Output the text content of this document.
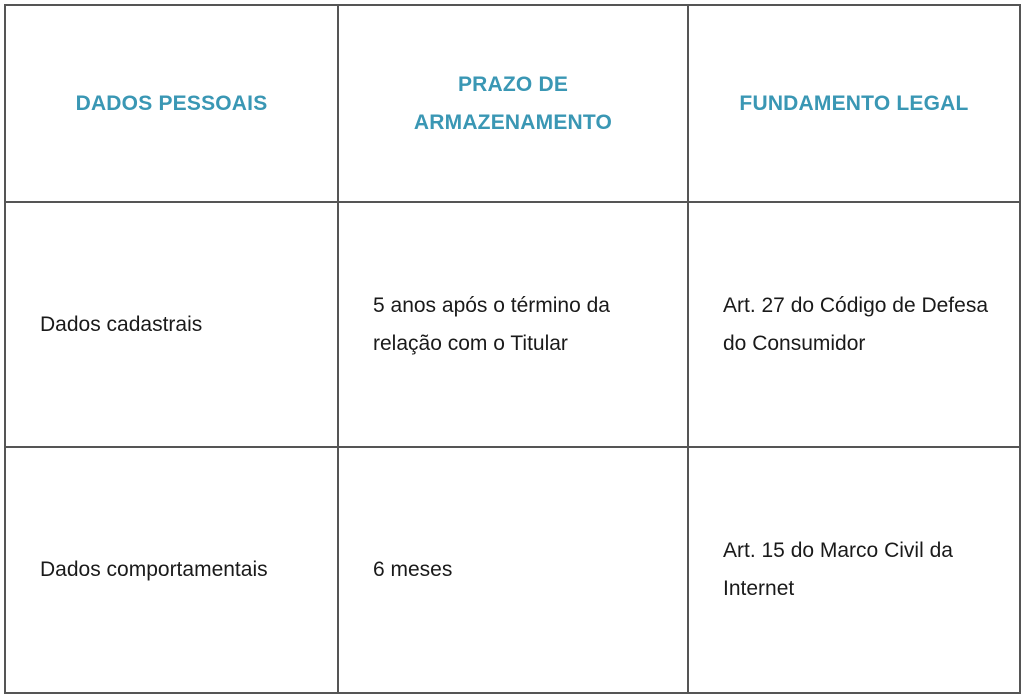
DADOS PESSOAIS	PRAZO DE ARMAZENAMENTO	FUNDAMENTO LEGAL
Dados cadastrais	5 anos após o término da relação com o Titular	Art. 27 do Código de Defesa do Consumidor
Dados comportamentais	6 meses	Art. 15 do Marco Civil da Internet
